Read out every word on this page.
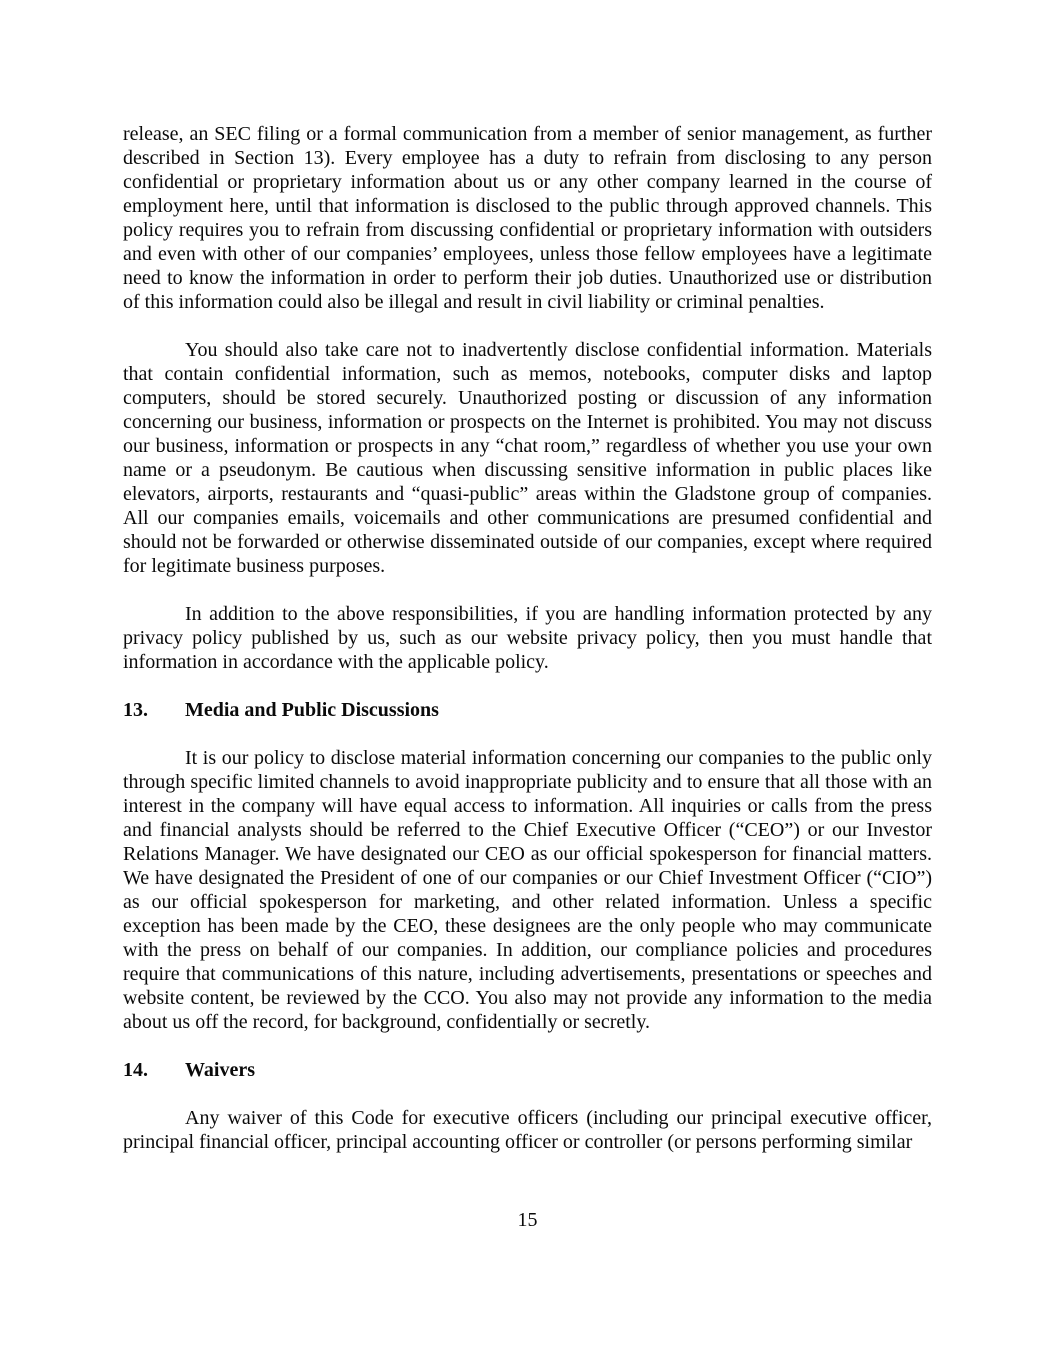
release, an SEC filing or a formal communication from a member of senior management, as further described in Section 13). Every employee has a duty to refrain from disclosing to any person confidential or proprietary information about us or any other company learned in the course of employment here, until that information is disclosed to the public through approved channels. This policy requires you to refrain from discussing confidential or proprietary information with outsiders and even with other of our companies’ employees, unless those fellow employees have a legitimate need to know the information in order to perform their job duties. Unauthorized use or distribution of this information could also be illegal and result in civil liability or criminal penalties.

You should also take care not to inadvertently disclose confidential information. Materials that contain confidential information, such as memos, notebooks, computer disks and laptop computers, should be stored securely. Unauthorized posting or discussion of any information concerning our business, information or prospects on the Internet is prohibited. You may not discuss our business, information or prospects in any “chat room,” regardless of whether you use your own name or a pseudonym. Be cautious when discussing sensitive information in public places like elevators, airports, restaurants and “quasi-public” areas within the Gladstone group of companies. All our companies emails, voicemails and other communications are presumed confidential and should not be forwarded or otherwise disseminated outside of our companies, except where required for legitimate business purposes.

In addition to the above responsibilities, if you are handling information protected by any privacy policy published by us, such as our website privacy policy, then you must handle that information in accordance with the applicable policy.

13. Media and Public Discussions

It is our policy to disclose material information concerning our companies to the public only through specific limited channels to avoid inappropriate publicity and to ensure that all those with an interest in the company will have equal access to information. All inquiries or calls from the press and financial analysts should be referred to the Chief Executive Officer (“CEO”) or our Investor Relations Manager. We have designated our CEO as our official spokesperson for financial matters. We have designated the President of one of our companies or our Chief Investment Officer (“CIO”) as our official spokesperson for marketing, and other related information. Unless a specific exception has been made by the CEO, these designees are the only people who may communicate with the press on behalf of our companies. In addition, our compliance policies and procedures require that communications of this nature, including advertisements, presentations or speeches and website content, be reviewed by the CCO. You also may not provide any information to the media about us off the record, for background, confidentially or secretly.

14. Waivers

Any waiver of this Code for executive officers (including our principal executive officer, principal financial officer, principal accounting officer or controller (or persons performing similar

15
